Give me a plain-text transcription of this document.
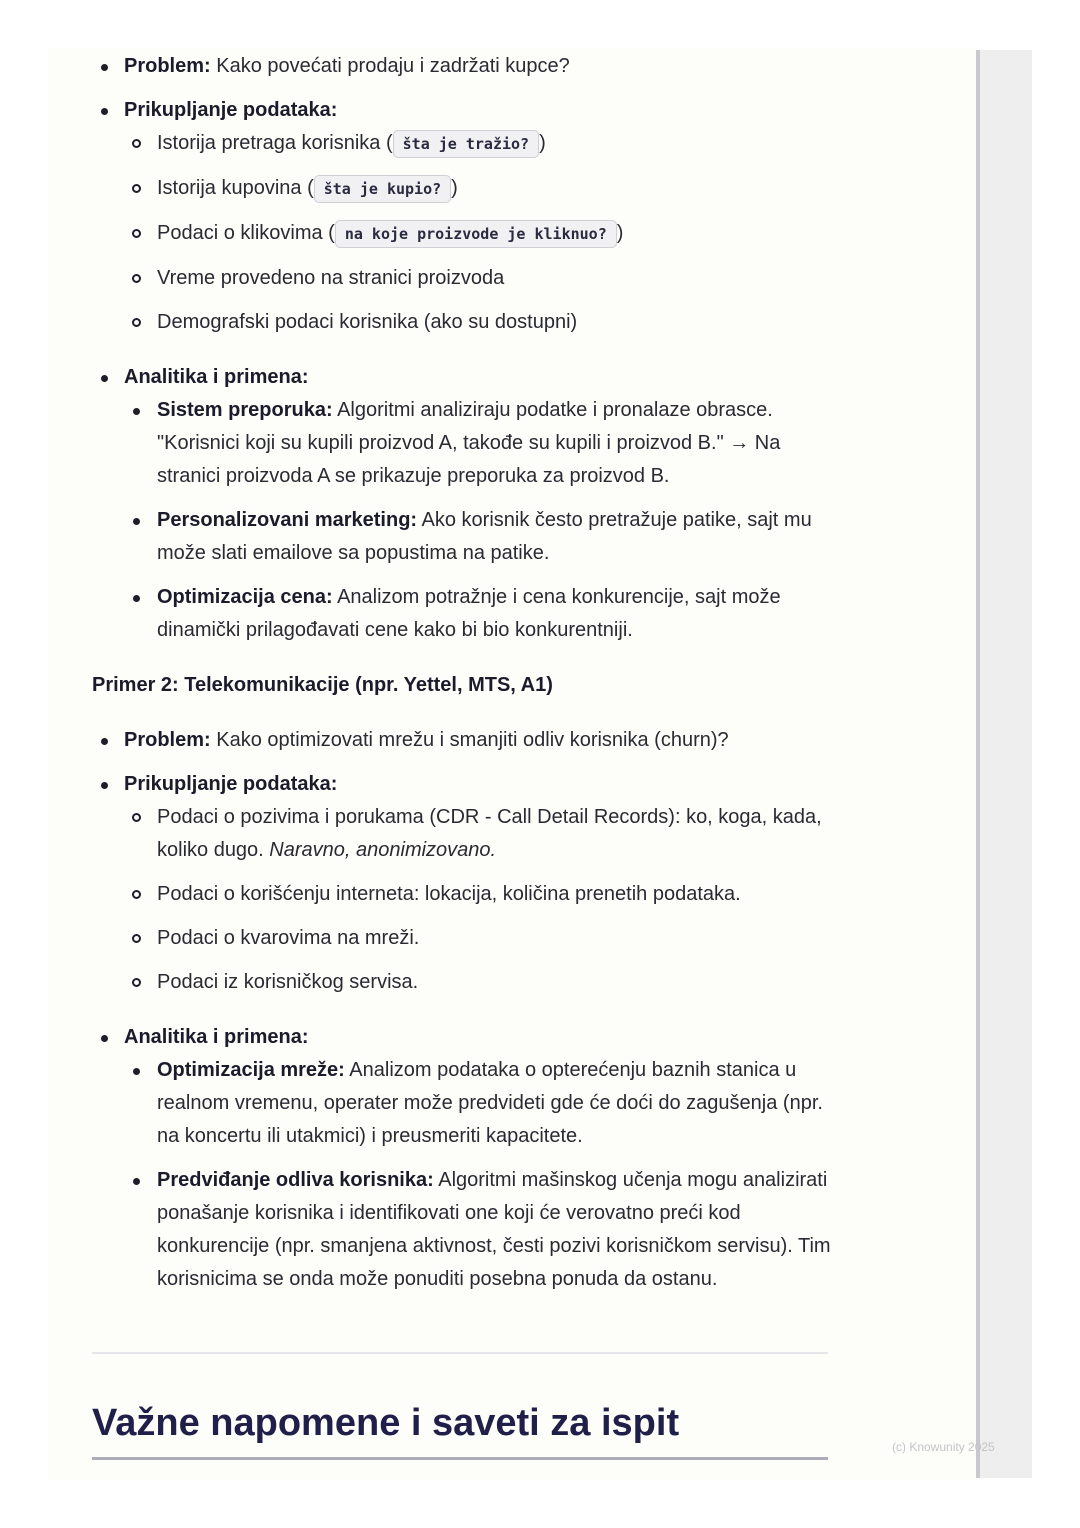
Problem: Kako povećati prodaju i zadržati kupce?
Prikupljanje podataka:
Istorija pretraga korisnika ( šta je tražio? )
Istorija kupovina ( šta je kupio? )
Podaci o klikovima ( na koje proizvode je kliknuo? )
Vreme provedeno na stranici proizvoda
Demografski podaci korisnika (ako su dostupni)
Analitika i primena:
Sistem preporuka: Algoritmi analiziraju podatke i pronalaze obrasce. "Korisnici koji su kupili proizvod A, takođe su kupili i proizvod B." → Na stranici proizvoda A se prikazuje preporuka za proizvod B.
Personalizovani marketing: Ako korisnik često pretražuje patike, sajt mu može slati emailove sa popustima na patike.
Optimizacija cena: Analizom potražnje i cena konkurencije, sajt može dinamički prilagođavati cene kako bi bio konkurentniji.

Primer 2: Telekomunikacije (npr. Yettel, MTS, A1)

Problem: Kako optimizovati mrežu i smanjiti odliv korisnika (churn)?
Prikupljanje podataka:
Podaci o pozivima i porukama (CDR - Call Detail Records): ko, koga, kada, koliko dugo. Naravno, anonimizovano.
Podaci o korišćenju interneta: lokacija, količina prenetih podataka.
Podaci o kvarovima na mreži.
Podaci iz korisničkog servisa.
Analitika i primena:
Optimizacija mreže: Analizom podataka o opterećenju baznih stanica u realnom vremenu, operater može predvideti gde će doći do zagušenja (npr. na koncertu ili utakmici) i preusmeriti kapacitete.
Predviđanje odliva korisnika: Algoritmi mašinskog učenja mogu analizirati ponašanje korisnika i identifikovati one koji će verovatno preći kod konkurencije (npr. smanjena aktivnost, česti pozivi korisničkom servisu). Tim korisnicima se onda može ponuditi posebna ponuda da ostanu.
Važne napomene i saveti za ispit
(c) Knowunity 2025
